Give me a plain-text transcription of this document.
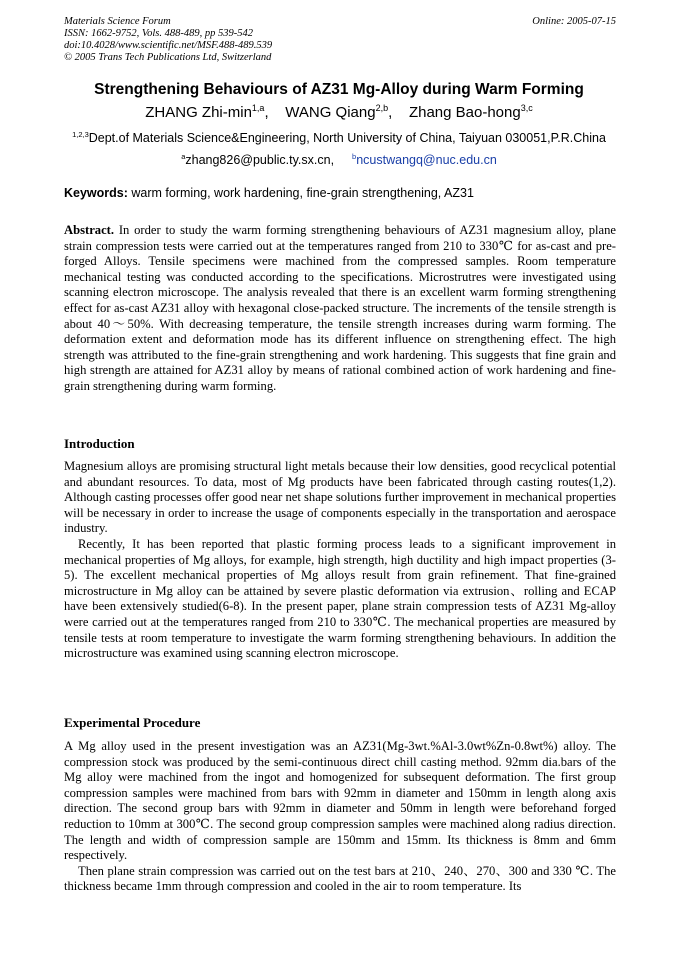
Materials Science Forum
ISSN: 1662-9752, Vols. 488-489, pp 539-542
doi:10.4028/www.scientific.net/MSF.488-489.539
© 2005 Trans Tech Publications Ltd, Switzerland
Online: 2005-07-15
Strengthening Behaviours of AZ31 Mg-Alloy during Warm Forming
ZHANG Zhi-$\min^{1,a}$,    WANG Qiang$^{2,b}$,    Zhang Bao-hong$^{3,c}$
$^{1,2,3}$Dept.of Materials Science&Engineering, North University of China, Taiyuan 030051,P.R.China
$^a$zhang826@public.ty.sx.cn, $^b$ncustwangq@nuc.edu.cn
Keywords: warm forming, work hardening, fine-grain strengthening, AZ31

Abstract. In order to study the warm forming strengthening behaviours of AZ31 magnesium alloy, plane strain compression tests were carried out at the temperatures ranged from 210 to 330℃ for as-cast and pre-forged Alloys. Tensile specimens were machined from the compressed samples. Room temperature mechanical testing was conducted according to the specifications. Microstrutres were investigated using scanning electron microscope. The analysis revealed that there is an excellent warm forming strengthening effect for as-cast AZ31 alloy with hexagonal close-packed structure. The increments of the tensile strength is about 40～50%. With decreasing temperature, the tensile strength increases during warm forming. The deformation extent and deformation mode has its different influence on strengthening effect. The high strength was attributed to the fine-grain strengthening and work hardening. This suggests that fine grain and high strength are attained for AZ31 alloy by means of rational combined action of work hardening and fine-grain strengthening during warm forming.

Introduction

Magnesium alloys are promising structural light metals because their low densities, good recyclical potential and abundant resources. To data, most of Mg products have been fabricated through casting routes(1,2). Although casting processes offer good near net shape solutions further improvement in mechanical properties will be necessary in order to increase the usage of components especially in the transportation and aerospace industry.

Recently, It has been reported that plastic forming process leads to a significant improvement in mechanical properties of Mg alloys, for example, high strength, high ductility and high impact properties (3-5). The excellent mechanical properties of Mg alloys result from grain refinement. That fine-grained microstructure in Mg alloy can be attained by severe plastic deformation via extrusion、rolling and ECAP have been extensively studied(6-8). In the present paper, plane strain compression tests of AZ31 Mg-alloy were carried out at the temperatures ranged from 210 to 330℃. The mechanical properties are measured by tensile tests at room temperature to investigate the warm forming strengthening behaviours. In addition the microstructure was examined using scanning electron microscope.

Experimental Procedure

A Mg alloy used in the present investigation was an AZ31(Mg-3wt.%Al-3.0wt%Zn-0.8wt%) alloy. The compression stock was produced by the semi-continuous direct chill casting method. 92mm dia.bars of the Mg alloy were machined from the ingot and homogenized for subsequent deformation. The first group compression samples were machined from bars with 92mm in diameter and 150mm in length along axis direction. The second group bars with 92mm in diameter and 50mm in length were beforehand forged reduction to 10mm at 300℃. The second group compression samples were machined along radius direction. The length and width of compression sample are 150mm and 15mm. Its thickness is 8mm and 6mm respectively.

Then plane strain compression was carried out on the test bars at 210、240、270、300 and 330 ℃. The thickness became 1mm through compression and cooled in the air to room temperature. Its
